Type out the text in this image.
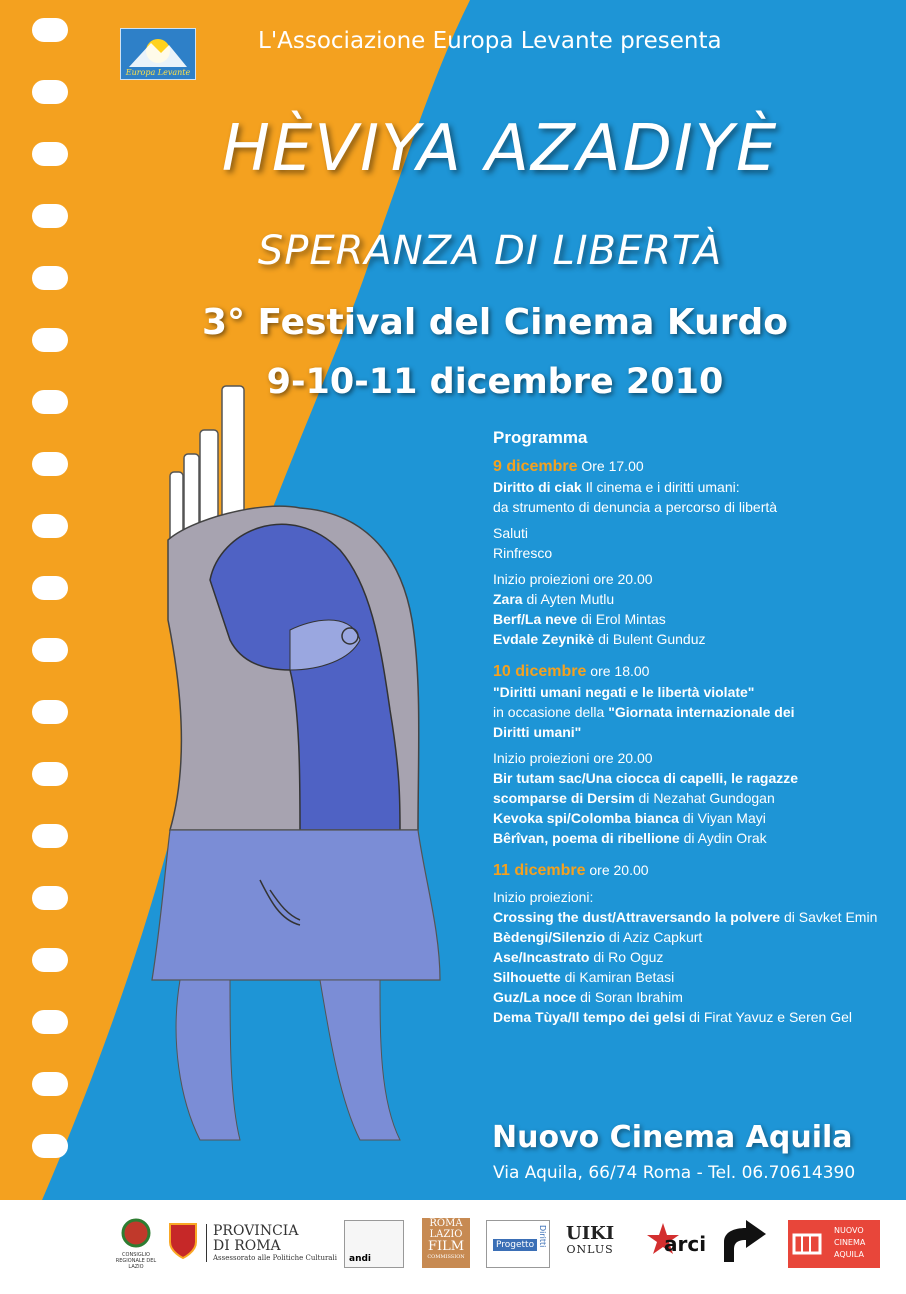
Europa Levante
L'Associazione Europa Levante presenta
HÈVIYA AZADIYÈ
SPERANZA DI LIBERTÀ
3° Festival del Cinema Kurdo
9-10-11 dicembre 2010
Programma
9 dicembre Ore 17.00
Diritto di ciak Il cinema e i diritti umani:
da strumento di denuncia a percorso di libertà
Saluti
Rinfresco
Inizio proiezioni ore 20.00
Zara di Ayten Mutlu
Berf/La neve di Erol Mintas
Evdale Zeynikè di Bulent Gunduz
10 dicembre ore 18.00
"Diritti umani negati e le libertà violate"
in occasione della "Giornata internazionale dei
Diritti umani"
Inizio proiezioni ore 20.00
Bir tutam sac/Una ciocca di capelli, le ragazze
scomparse di Dersim di Nezahat Gundogan
Kevoka spi/Colomba bianca di Viyan Mayi
Bêrîvan, poema di ribellione di Aydin Orak
11 dicembre ore 20.00
Inizio proiezioni:
Crossing the dust/Attraversando la polvere di Savket Emin
Bèdengi/Silenzio di Aziz Capkurt
Ase/Incastrato di Ro Oguz
Silhouette di Kamiran Betasi
Guz/La noce di Soran Ibrahim
Dema Tùya/Il tempo dei gelsi di Firat Yavuz e Seren Gel
Nuovo Cinema Aquila
Via Aquila, 66/74 Roma - Tel. 06.70614390
CONSIGLIO REGIONALE DEL LAZIO
PROVINCIA
DI ROMA
Assessorato alle Politiche Culturali andi
ROMA
LAZIO
FILM
COMMISSION
Progetto Diritti UIKI
ONLUS	arci
NUOVO
CINEMA
AQUILA
